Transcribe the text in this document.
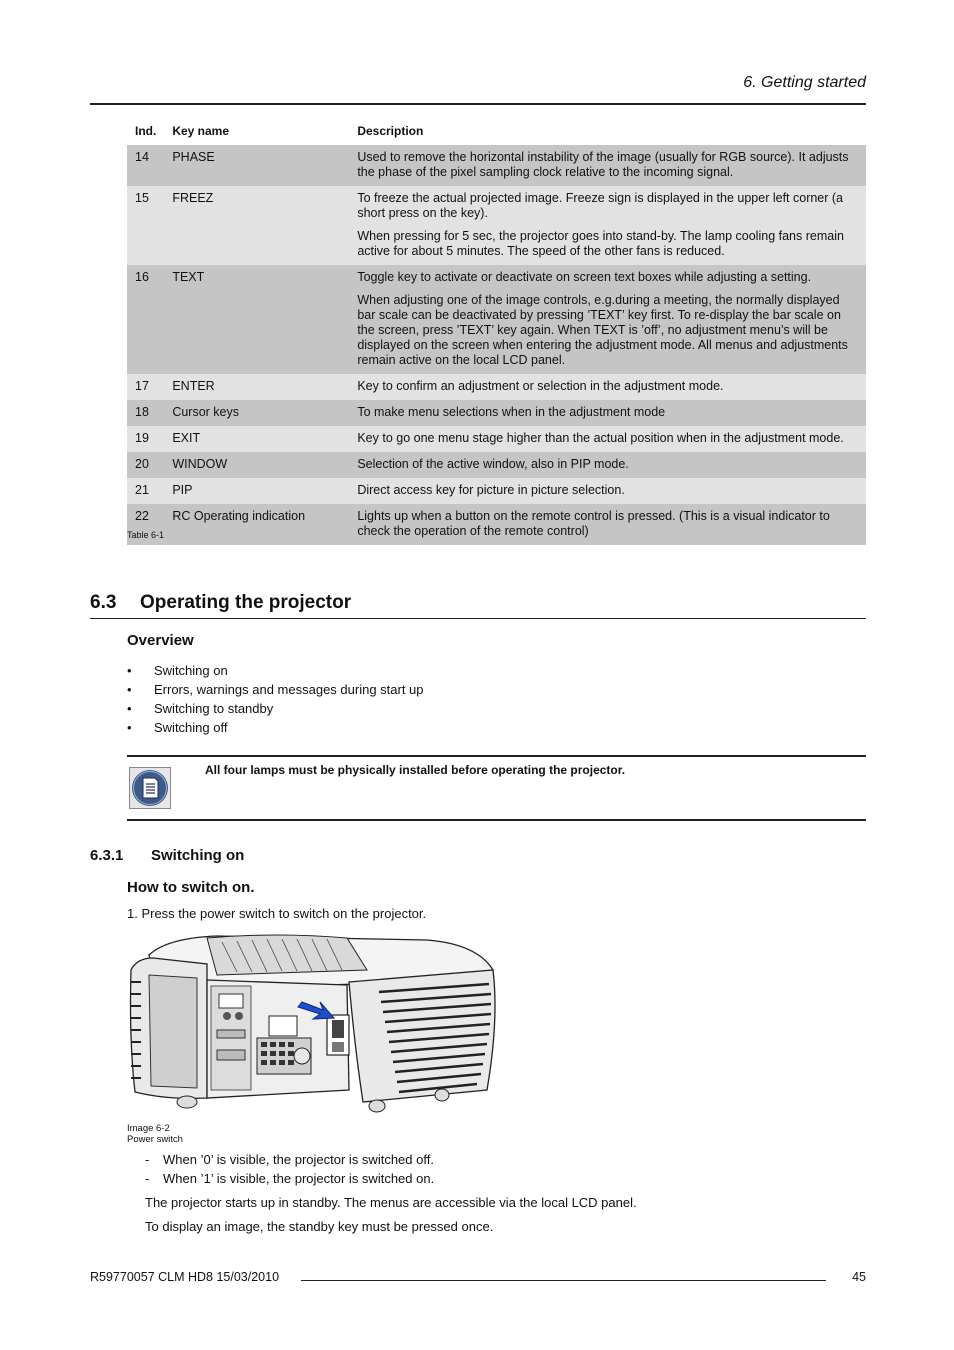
6. Getting started
Ind.	Key name	Description
14	PHASE	Used to remove the horizontal instability of the image (usually for RGB source). It adjusts the phase of the pixel sampling clock relative to the incoming signal.

15	FREEZ	To freeze the actual projected image. Freeze sign is displayed in the upper left corner (a short press on the key).

When pressing for 5 sec, the projector goes into stand-by. The lamp cooling fans remain active for about 5 minutes. The speed of the other fans is reduced.

16	TEXT	Toggle key to activate or deactivate on screen text boxes while adjusting a setting.

When adjusting one of the image controls, e.g.during a meeting, the normally displayed bar scale can be deactivated by pressing ’TEXT’ key first. To re-display the bar scale on the screen, press ’TEXT’ key again. When TEXT is ’off’, no adjustment menu’s will be displayed on the screen when entering the adjustment mode. All menus and adjustments remain active on the local LCD panel.

17	ENTER	Key to confirm an adjustment or selection in the adjustment mode.

18	Cursor keys	To make menu selections when in the adjustment mode

19	EXIT	Key to go one menu stage higher than the actual position when in the adjustment mode.

20	WINDOW	Selection of the active window, also in PIP mode.

21	PIP	Direct access key for picture in picture selection.

22	RC Operating indication	Lights up when a button on the remote control is pressed. (This is a visual indicator to check the operation of the remote control)

Table 6-1
6.3 Operating the projector
Overview
• Switching on
• Errors, warnings and messages during start up
• Switching to standby
• Switching off
All four lamps must be physically installed before operating the projector.
6.3.1 Switching on
How to switch on.
1. Press the power switch to switch on the projector.
Image 6-2
Power switch
- When ’0’ is visible, the projector is switched off.
- When ’1’ is visible, the projector is switched on.
The projector starts up in standby. The menus are accessible via the local LCD panel.
To display an image, the standby key must be pressed once.
R59770057 CLM HD8 15/03/2010	45
